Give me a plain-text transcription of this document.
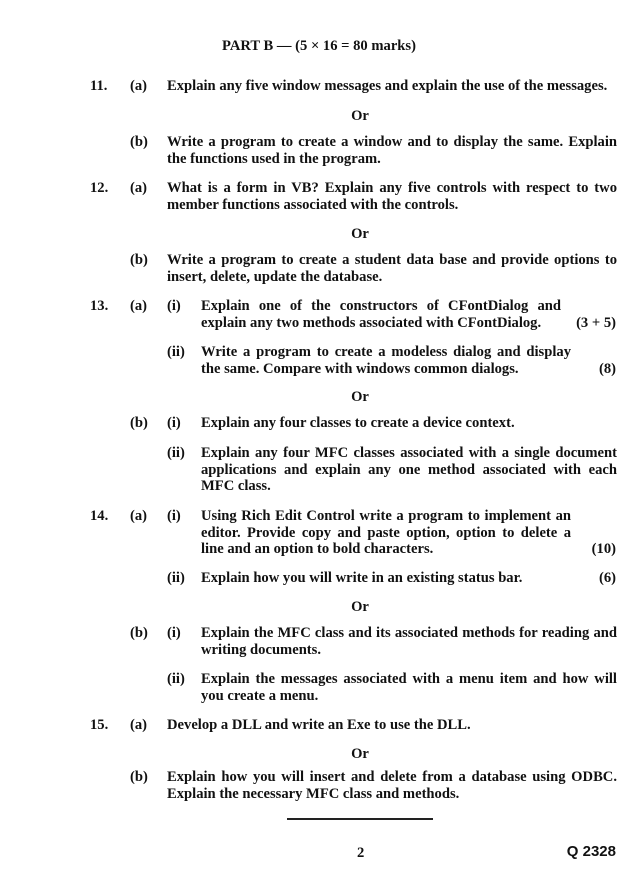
PART B — (5 × 16 = 80 marks)
11. (a) Explain any five window messages and explain the use of the messages.
Or
(b) Write a program to create a window and to display the same. Explain the functions used in the program.
12. (a) What is a form in VB? Explain any five controls with respect to two member functions associated with the controls.
Or
(b) Write a program to create a student data base and provide options to insert, delete, update the database.
13. (a) (i) Explain one of the constructors of CFontDialog and explain any two methods associated with CFontDialog.	(3 + 5)
(ii) Write a program to create a modeless dialog and display the same. Compare with windows common dialogs.	(8)
Or
(b) (i) Explain any four classes to create a device context.
(ii) Explain any four MFC classes associated with a single document applications and explain any one method associated with each MFC class.
14. (a) (i) Using Rich Edit Control write a program to implement an editor. Provide copy and paste option, option to delete a line and an option to bold characters.	(10)
(ii) Explain how you will write in an existing status bar.	(6)
Or
(b) (i) Explain the MFC class and its associated methods for reading and writing documents.
(ii) Explain the messages associated with a menu item and how will you create a menu.
15. (a) Develop a DLL and write an Exe to use the DLL.
Or
(b) Explain how you will insert and delete from a database using ODBC. Explain the necessary MFC class and methods.
2	Q 2328
